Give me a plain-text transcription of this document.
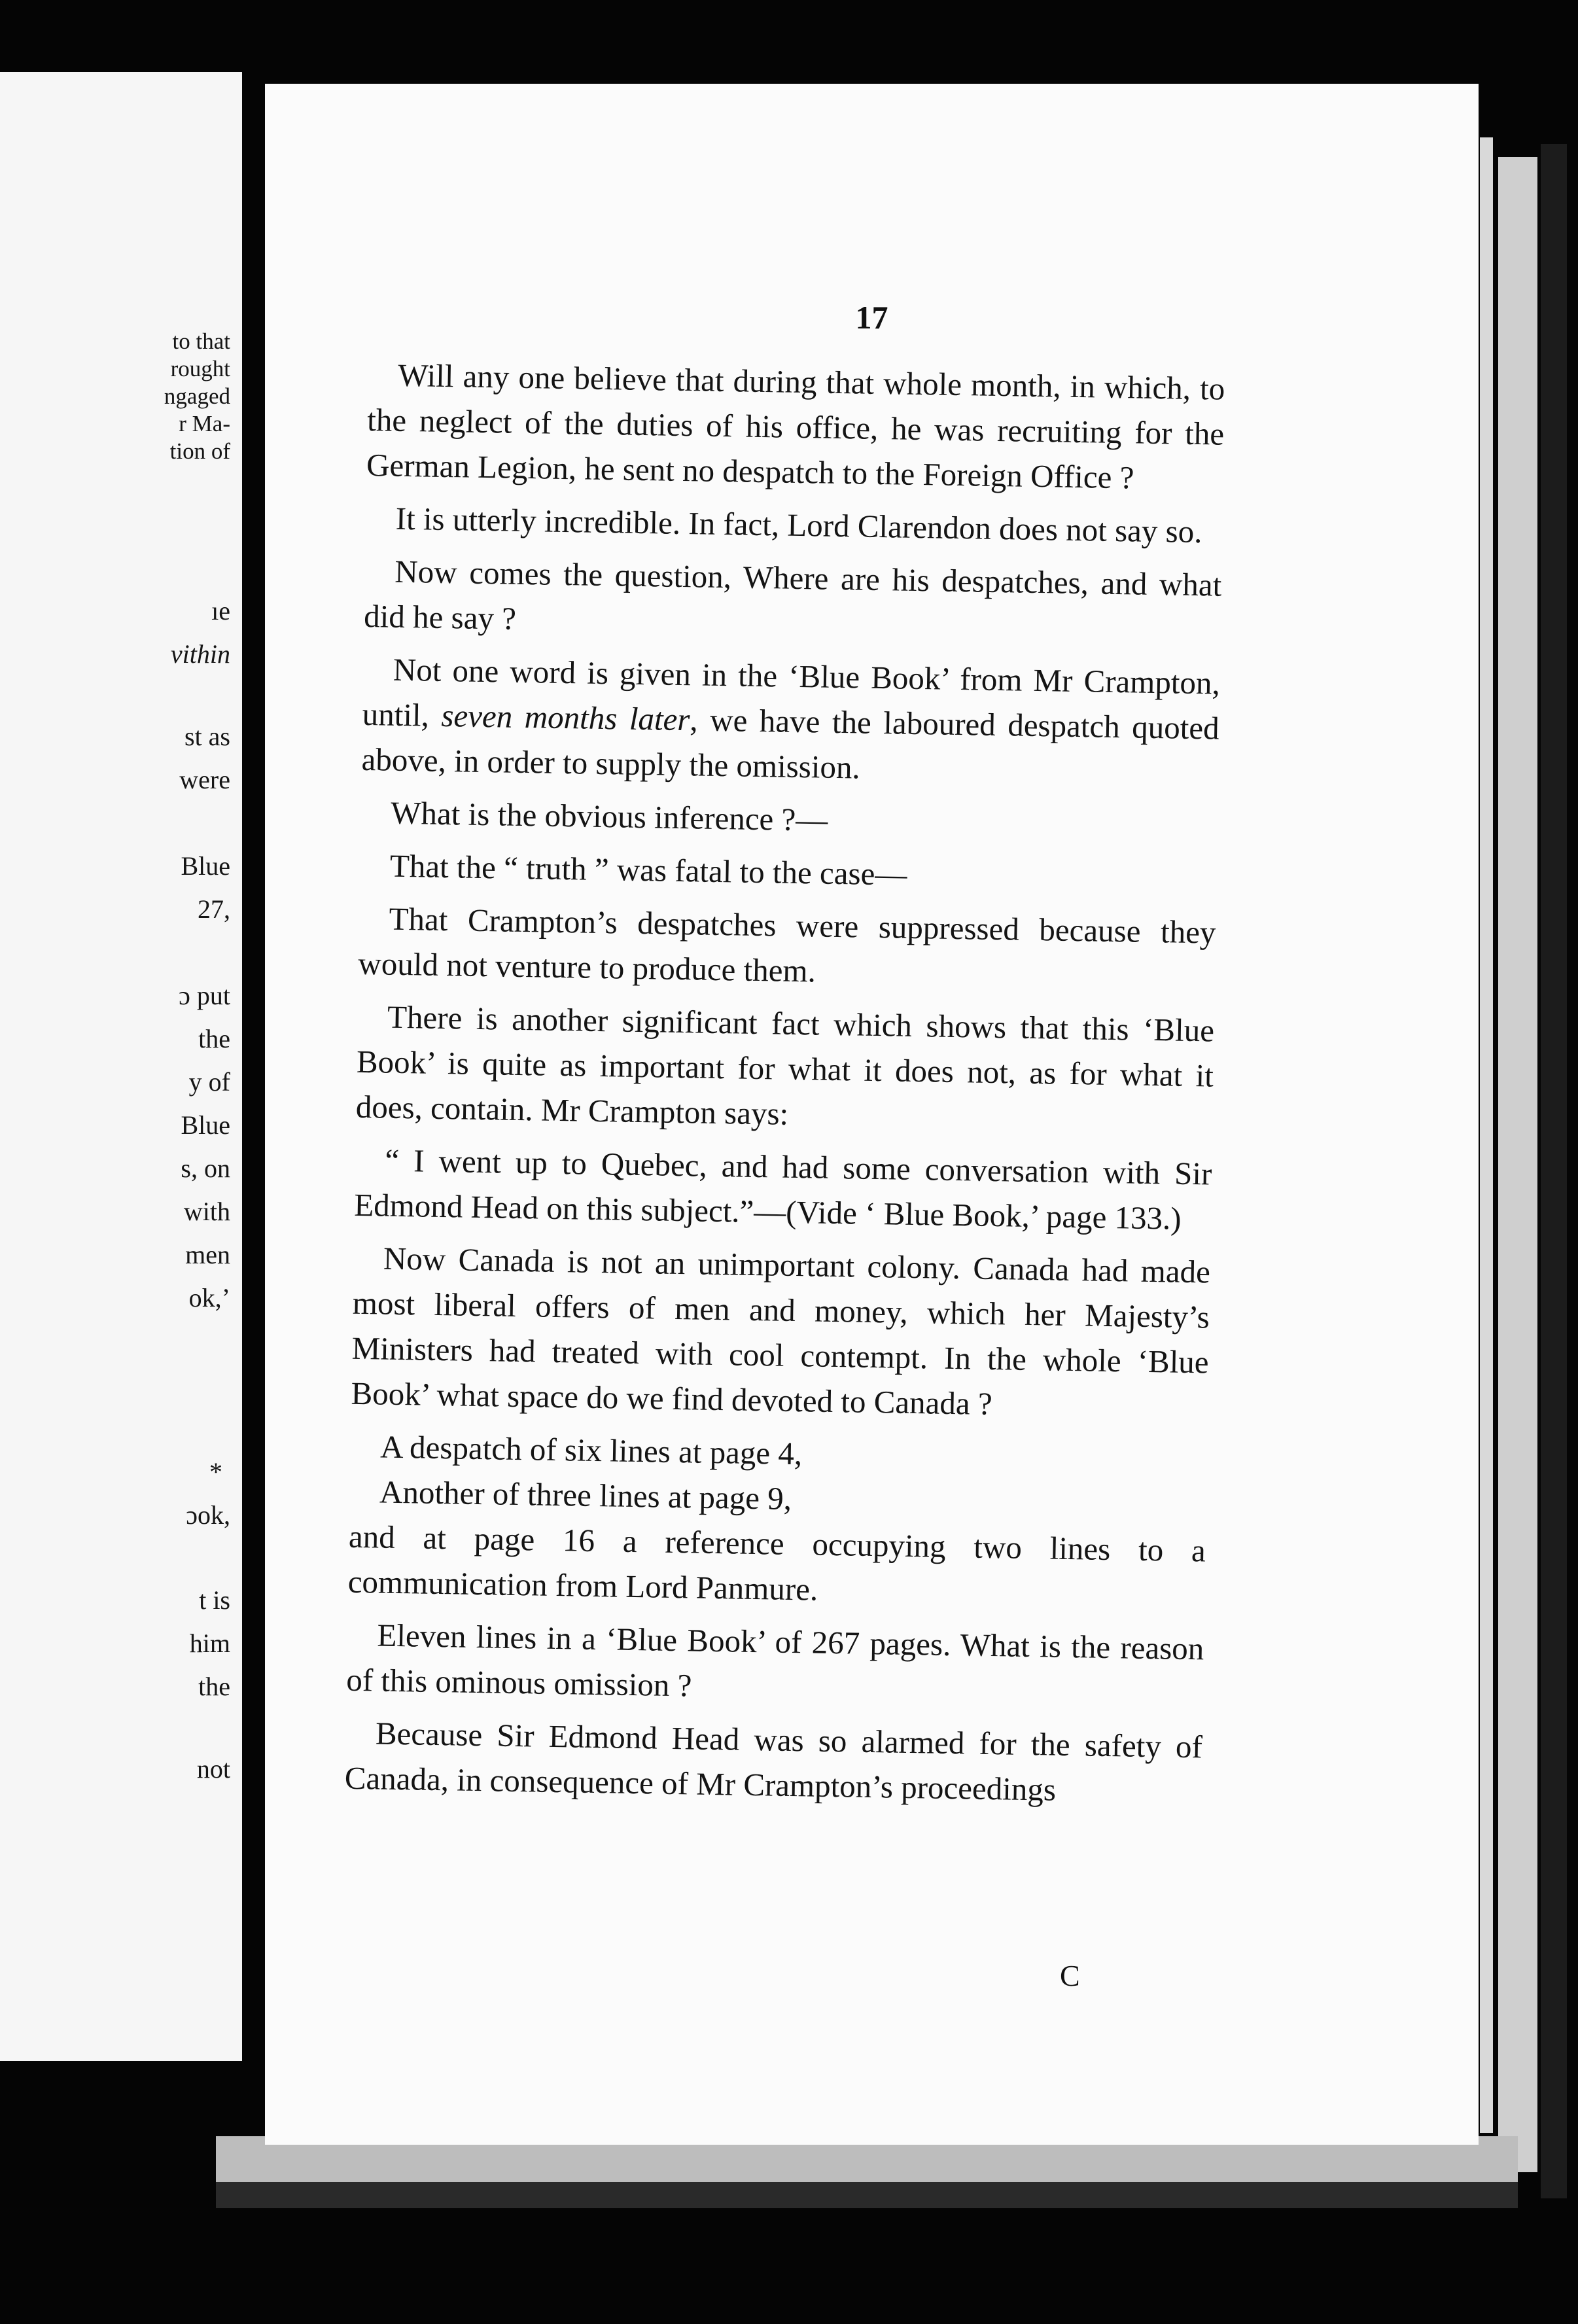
to that
rought
ngaged
r Ma-
tion of
ıe
vithin
st as
were
Blue
27,
ɔ put
the
y of
Blue
s, on
with
men
ok,’
*
ɔok,
t is
him
the
not
17

Will any one believe that during that whole month, in which, to the neglect of the duties of his office, he was recruiting for the German Legion, he sent no despatch to the Foreign Office ?

It is utterly incredible. In fact, Lord Clarendon does not say so.

Now comes the question, Where are his despatches, and what did he say ?

Not one word is given in the ‘Blue Book’ from Mr Crampton, until, seven months later, we have the laboured despatch quoted above, in order to supply the omission.

What is the obvious inference ?—

That the “ truth ” was fatal to the case—

That Crampton’s despatches were suppressed because they would not venture to produce them.

There is another significant fact which shows that this ‘Blue Book’ is quite as important for what it does not, as for what it does, contain. Mr Crampton says:

“ I went up to Quebec, and had some conversation with Sir Edmond Head on this subject.”—(Vide ‘ Blue Book,’ page 133.)

Now Canada is not an unimportant colony. Canada had made most liberal offers of men and money, which her Majesty’s Ministers had treated with cool contempt. In the whole ‘Blue Book’ what space do we find devoted to Canada ?

A despatch of six lines at page 4,

Another of three lines at page 9,

and at page 16 a reference occupying two lines to a communication from Lord Panmure.

Eleven lines in a ‘Blue Book’ of 267 pages. What is the reason of this ominous omission ?

Because Sir Edmond Head was so alarmed for the safety of Canada, in consequence of Mr Crampton’s proceedings

C
